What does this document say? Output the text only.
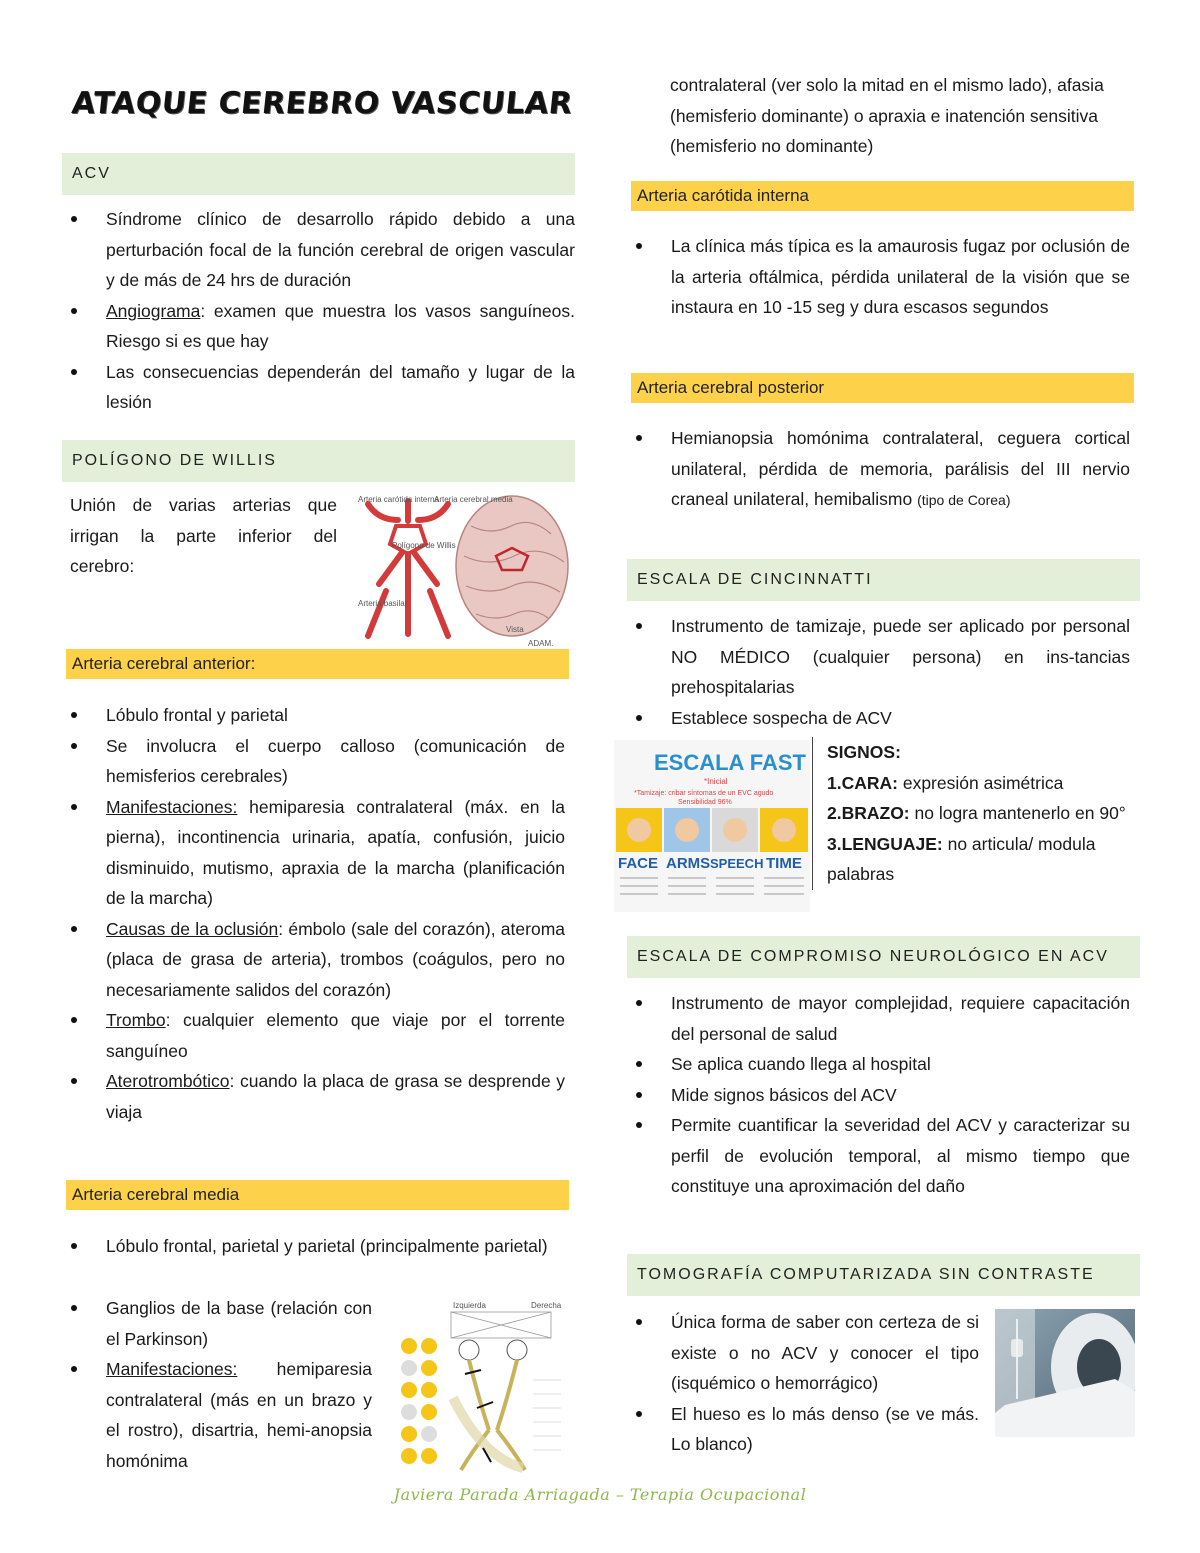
ATAQUE CEREBRO VASCULAR
ACV
Síndrome clínico de desarrollo rápido debido a una perturbación focal de la función cerebral de origen vascular y de más de 24 hrs de duración
Angiograma: examen que muestra los vasos sanguíneos. Riesgo si es que hay
Las consecuencias dependerán del tamaño y lugar de la lesión
POLÍGONO DE WILLIS
Unión de varias arterias que irrigan la parte inferior del cerebro:
Arteria carótida interna
Arteria cerebral media
Polígono de Willis
Arteria basilar
Vista
ADAM.
Arteria cerebral anterior:
Lóbulo frontal y parietal
Se involucra el cuerpo calloso (comunicación de hemisferios cerebrales)
Manifestaciones: hemiparesia contralateral (máx. en la pierna), incontinencia urinaria, apatía, confusión, juicio disminuido, mutismo, apraxia de la marcha (planificación de la marcha)
Causas de la oclusión: émbolo (sale del corazón), ateroma (placa de grasa de arteria), trombos (coágulos, pero no necesariamente salidos del corazón)
Trombo: cualquier elemento que viaje por el torrente sanguíneo
Aterotrombótico: cuando la placa de grasa se desprende y viaja
Arteria cerebral media
Lóbulo frontal, parietal y parietal (principalmente parietal)
Ganglios de la base (relación con el Parkinson)
Manifestaciones: hemiparesia contralateral (más en un brazo y el rostro), disartria, hemi-anopsia homónima
Izquierda	Derecha
contralateral (ver solo la mitad en el mismo lado), afasia (hemisferio dominante) o apraxia e inatención sensitiva (hemisferio no dominante)
Arteria carótida interna
La clínica más típica es la amaurosis fugaz por oclusión de la arteria oftálmica, pérdida unilateral de la visión que se instaura en 10 -15 seg y dura escasos segundos
Arteria cerebral posterior
Hemianopsia homónima contralateral, ceguera cortical unilateral, pérdida de memoria, parálisis del III nervio craneal unilateral, hemibalismo (tipo de Corea)
ESCALA DE CINCINNATTI
Instrumento de tamizaje, puede ser aplicado por personal NO MÉDICO (cualquier persona) en ins-tancias prehospitalarias
Establece sospecha de ACV
ESCALA FAST
*Inicial
*Tamizaje: cribar síntomas de un EVC agudo
Sensibilidad 96%
FACE ARMS SPEECH TIME
SIGNOS:
1.CARA: expresión asimétrica
2.BRAZO: no logra mantenerlo en 90°
3.LENGUAJE: no articula/ modula palabras
ESCALA DE COMPROMISO NEUROLÓGICO EN ACV
Instrumento de mayor complejidad, requiere capacitación del personal de salud
Se aplica cuando llega al hospital
Mide signos básicos del ACV
Permite cuantificar la severidad del ACV y caracterizar su perfil de evolución temporal, al mismo tiempo que constituye una aproximación del daño
TOMOGRAFÍA COMPUTARIZADA SIN CONTRASTE
Única forma de saber con certeza de si existe o no ACV y conocer el tipo (isquémico o hemorrágico)
El hueso es lo más denso (se ve más. Lo blanco)
Javiera Parada Arriagada – Terapia Ocupacional
